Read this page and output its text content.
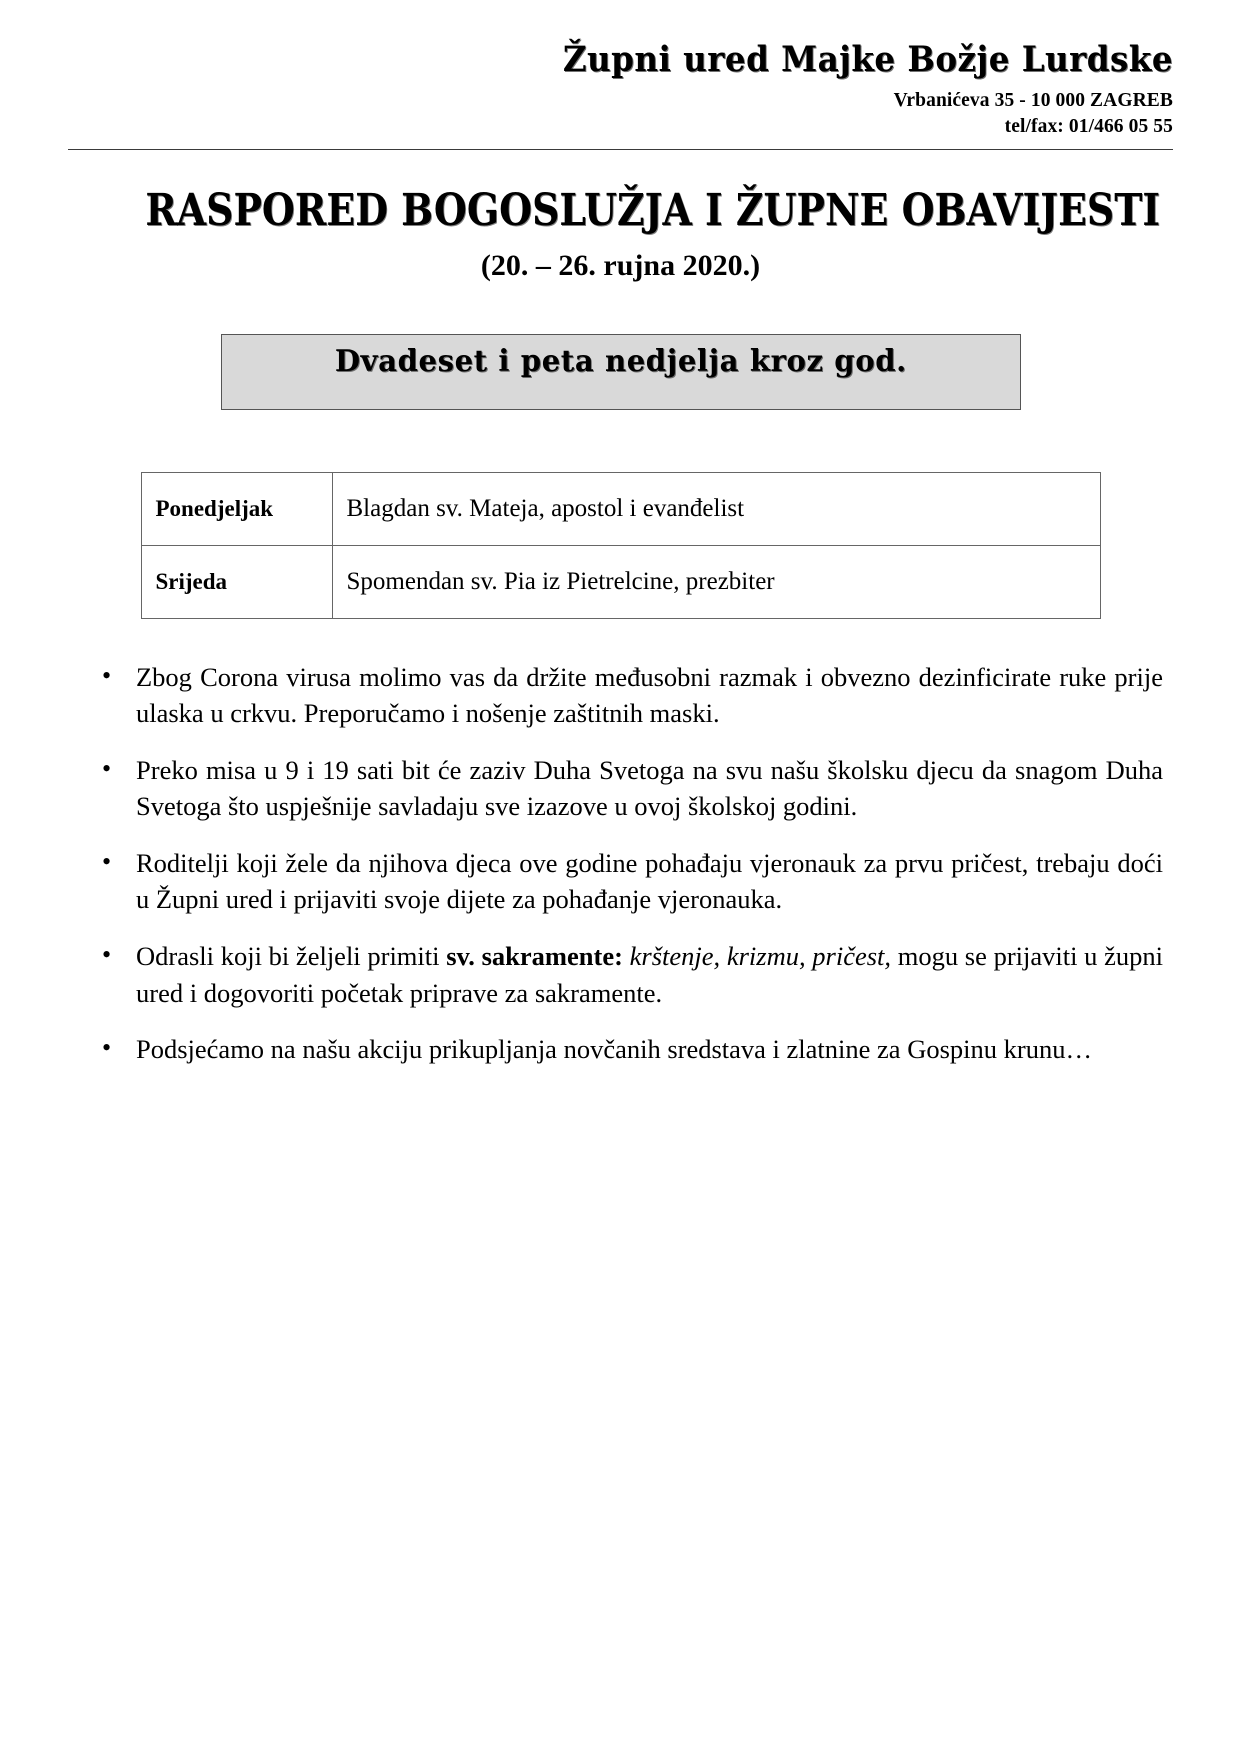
Župni ured Majke Božje Lurdske
Vrbanićeva 35 - 10 000 ZAGREB
tel/fax: 01/466 05 55
RASPORED BOGOSLUŽJA I ŽUPNE OBAVIJESTI
(20. – 26. rujna 2020.)
Dvadeset i peta nedjelja kroz god.
Ponedjeljak	Blagdan sv. Mateja, apostol i evanđelist
Srijeda	Spomendan sv. Pia iz Pietrelcine, prezbiter
• Zbog Corona virusa molimo vas da držite međusobni razmak i obvezno dezinficirate ruke prije ulaska u crkvu. Preporučamo i nošenje zaštitnih maski.
• Preko misa u 9 i 19 sati bit će zaziv Duha Svetoga na svu našu školsku djecu da snagom Duha Svetoga što uspješnije savladaju sve izazove u ovoj školskoj godini.
• Roditelji koji žele da njihova djeca ove godine pohađaju vjeronauk za prvu pričest, trebaju doći u Župni ured i prijaviti svoje dijete za pohađanje vjeronauka.
• Odrasli koji bi željeli primiti sv. sakramente: krštenje, krizmu, pričest, mogu se prijaviti u župni ured i dogovoriti početak priprave za sakramente.
• Podsjećamo na našu akciju prikupljanja novčanih sredstava i zlatnine za Gospinu krunu…
